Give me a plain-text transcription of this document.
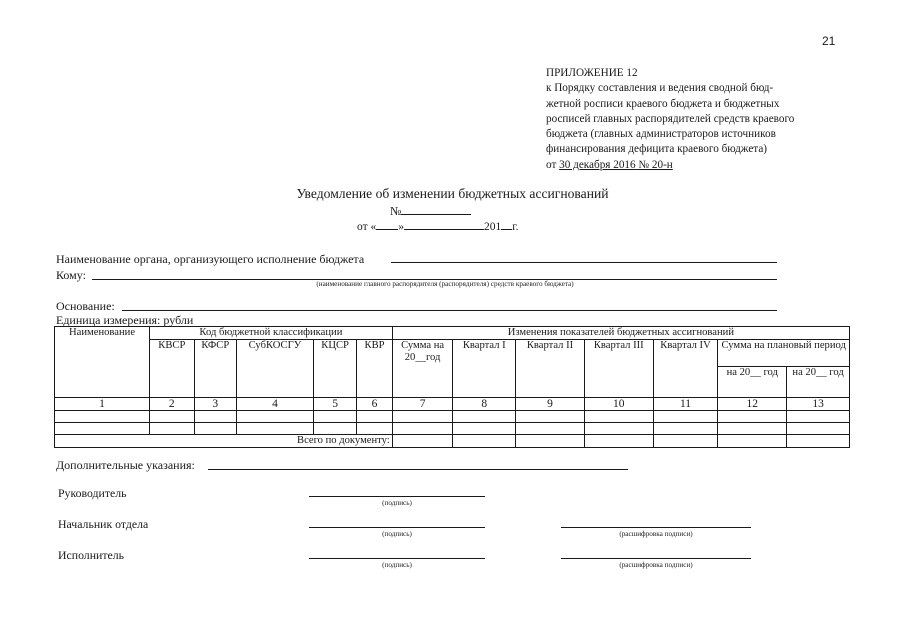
21
ПРИЛОЖЕНИЕ 12
к Порядку составления и ведения сводной бюд-
жетной росписи краевого бюджета и бюджетных
росписей главных распорядителей средств краевого
бюджета (главных администраторов источников
финансирования дефицита краевого бюджета)
от 30 декабря 2016 № 20-н
Уведомление об изменении бюджетных ассигнований
№
от « »	201 г.
Наименование органа, организующего исполнение бюджета
Кому:
(наименование главного распорядителя (распорядителя) средств краевого бюджета)
Основание:
Единица измерения: рубли
Наименование	Код бюджетной классификации					Изменения показателей бюджетных ассигнований						
	КВСР	КФСР	СубКОСГУ	КЦСР	КВР	Сумма на 20__год	Квартал I	Квартал II	Квартал III	Квартал IV	Сумма на плановый период	
											на 20__ год	на 20__ год
1	2	3	4	5	6	7	8	9	10	11	12	13

Всего по документу:												
Дополнительные указания:
Руководитель
(подпись)
Начальник отдела
(подпись)	(расшифровка подписи)
Исполнитель
(подпись)	(расшифровка подписи)
